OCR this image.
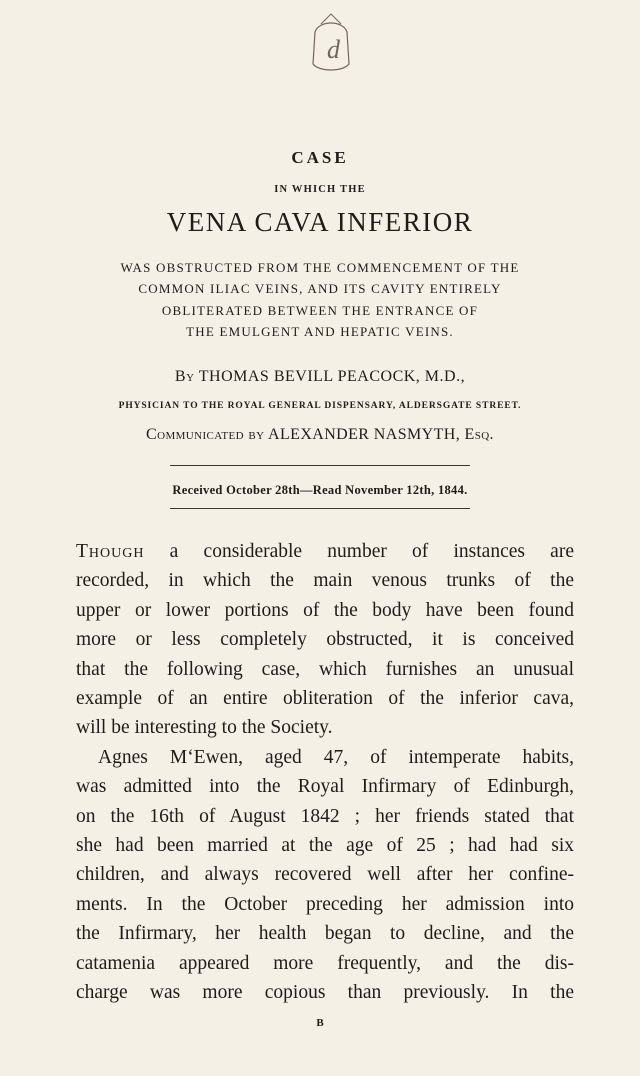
d
CASE
IN WHICH THE
VENA CAVA INFERIOR
WAS OBSTRUCTED FROM THE COMMENCEMENT OF THE
COMMON ILIAC VEINS, AND ITS CAVITY ENTIRELY
OBLITERATED BETWEEN THE ENTRANCE OF
THE EMULGENT AND HEPATIC VEINS.
By THOMAS BEVILL PEACOCK, M.D.,
PHYSICIAN TO THE ROYAL GENERAL DISPENSARY, ALDERSGATE STREET.
Communicated by ALEXANDER NASMYTH, Esq.
Received October 28th—Read November 12th, 1844.
Though a considerable number of instances are
recorded, in which the main venous trunks of the
upper or lower portions of the body have been found
more or less completely obstructed, it is conceived
that the following case, which furnishes an unusual
example of an entire obliteration of the inferior cava,
will be interesting to the Society.
Agnes M‘Ewen, aged 47, of intemperate habits,
was admitted into the Royal Infirmary of Edinburgh,
on the 16th of August 1842 ; her friends stated that
she had been married at the age of 25 ; had had six
children, and always recovered well after her confine-
ments. In the October preceding her admission into
the Infirmary, her health began to decline, and the
catamenia appeared more frequently, and the dis-
charge was more copious than previously. In the
B
